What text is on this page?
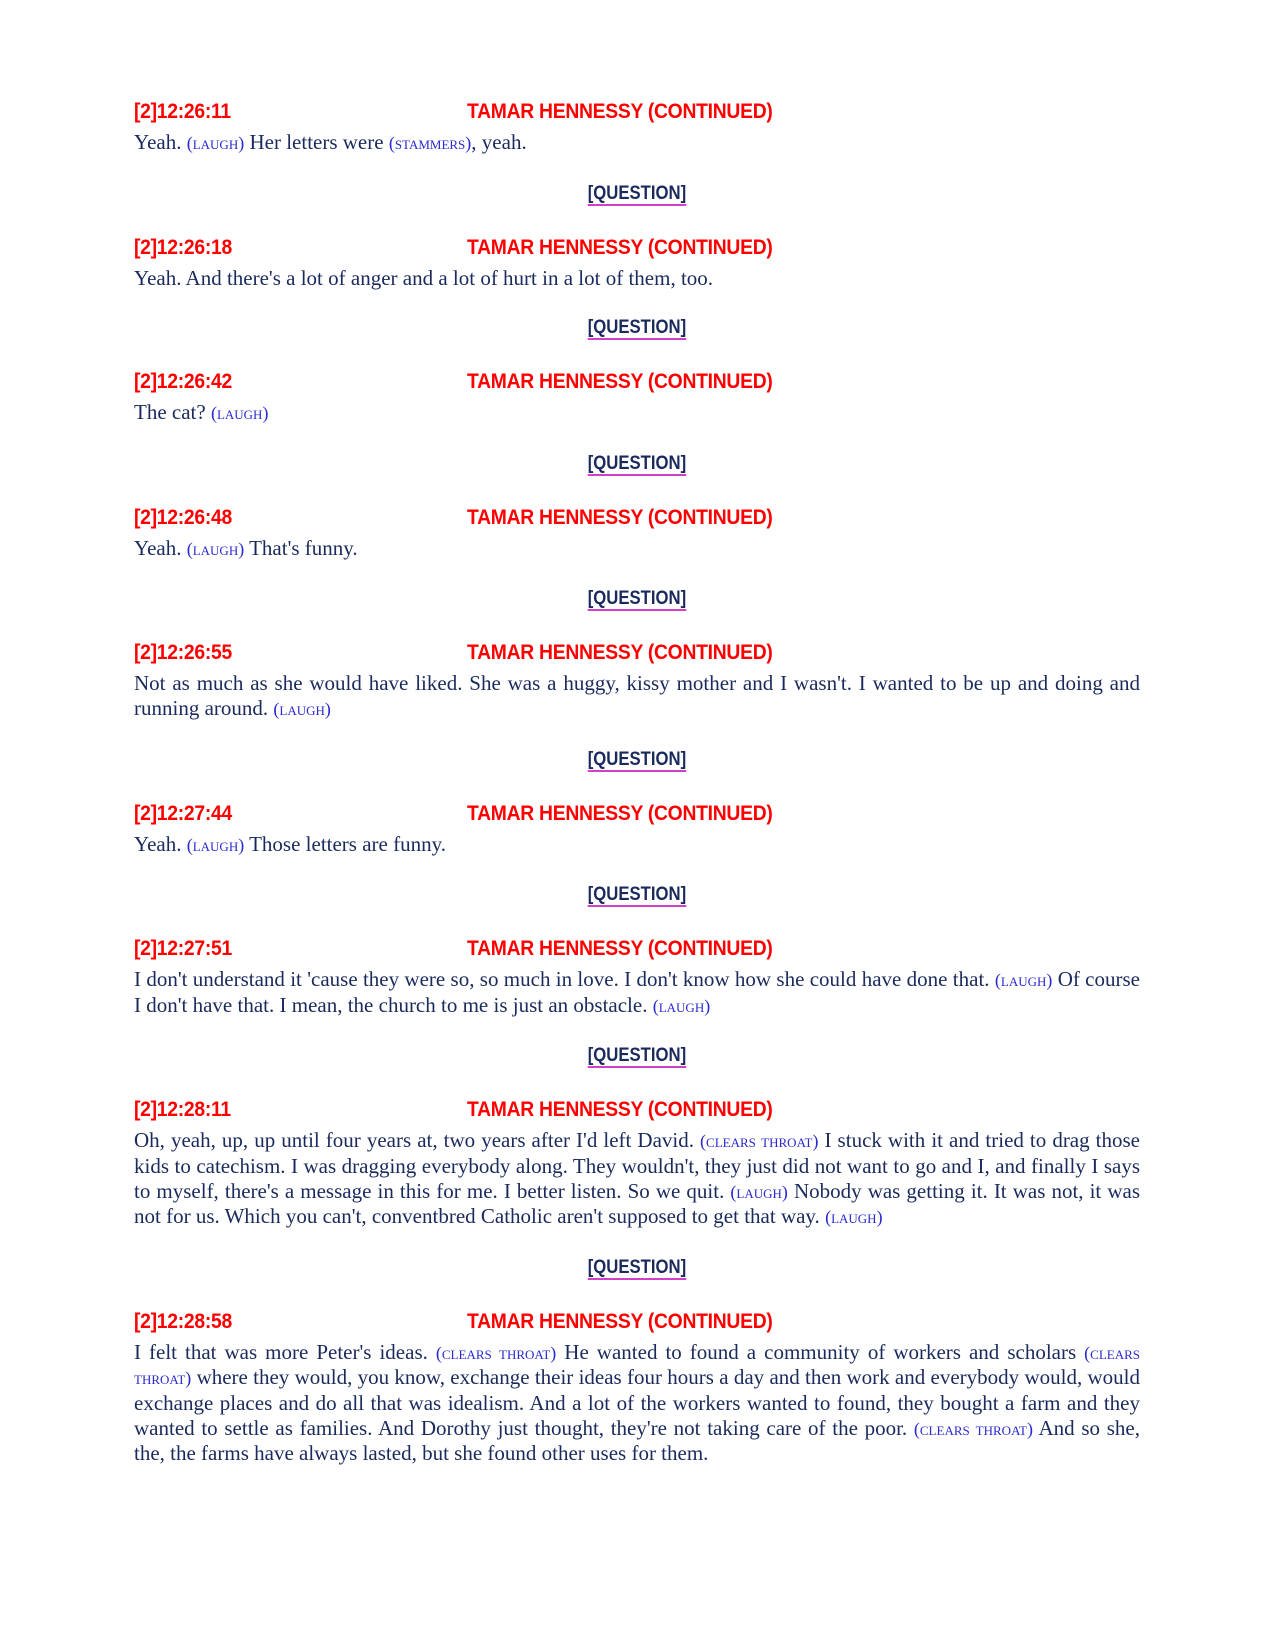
[2]12:26:11	TAMAR HENNESSY (CONTINUED)

Yeah. (laugh) Her letters were (stammers), yeah.

[QUESTION]
[2]12:26:18	TAMAR HENNESSY (CONTINUED)

Yeah. And there's a lot of anger and a lot of hurt in a lot of them, too.

[QUESTION]
[2]12:26:42	TAMAR HENNESSY (CONTINUED)

The cat? (laugh)

[QUESTION]
[2]12:26:48	TAMAR HENNESSY (CONTINUED)

Yeah. (laugh) That's funny.

[QUESTION]
[2]12:26:55	TAMAR HENNESSY (CONTINUED)

Not as much as she would have liked. She was a huggy, kissy mother and I wasn't. I wanted to be up and doing and running around. (laugh)

[QUESTION]
[2]12:27:44	TAMAR HENNESSY (CONTINUED)

Yeah. (laugh) Those letters are funny.

[QUESTION]
[2]12:27:51	TAMAR HENNESSY (CONTINUED)

I don't understand it 'cause they were so, so much in love. I don't know how she could have done that. (laugh) Of course I don't have that. I mean, the church to me is just an obstacle. (laugh)

[QUESTION]
[2]12:28:11	TAMAR HENNESSY (CONTINUED)

Oh, yeah, up, up until four years at, two years after I'd left David. (clears throat) I stuck with it and tried to drag those kids to catechism. I was dragging everybody along. They wouldn't, they just did not want to go and I, and finally I says to myself, there's a message in this for me. I better listen. So we quit. (laugh) Nobody was getting it. It was not, it was not for us. Which you can't, conventbred Catholic aren't supposed to get that way. (laugh)

[QUESTION]
[2]12:28:58	TAMAR HENNESSY (CONTINUED)

I felt that was more Peter's ideas. (clears throat) He wanted to found a community of workers and scholars (clears throat) where they would, you know, exchange their ideas four hours a day and then work and everybody would, would exchange places and do all that was idealism. And a lot of the workers wanted to found, they bought a farm and they wanted to settle as families. And Dorothy just thought, they're not taking care of the poor. (clears throat) And so she, the, the farms have always lasted, but she found other uses for them.
